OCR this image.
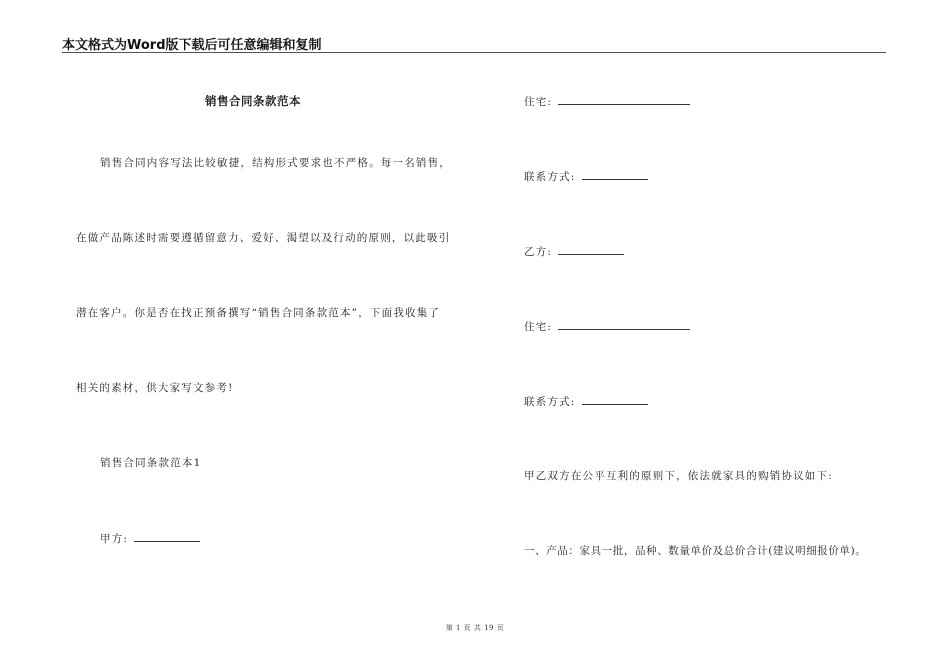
本文格式为Word版下载后可任意编辑和复制
销售合同条款范本
销售合同内容写法比较敏捷，结构形式要求也不严格。每一名销售，
在做产品陈述时需要遵循留意力、爱好、渴望以及行动的原则，以此吸引
潜在客户。你是否在找正预备撰写“销售合同条款范本”，下面我收集了
相关的素材，供大家写文参考!
销售合同条款范本1
甲方:
住宅:
联系方式:
乙方:
住宅:
联系方式:
甲乙双方在公平互利的原则下，依法就家具的购销协议如下:
一、产品：家具一批，品种、数量单价及总价合计(建议明细报价单)。
第 1 页 共 19 页
